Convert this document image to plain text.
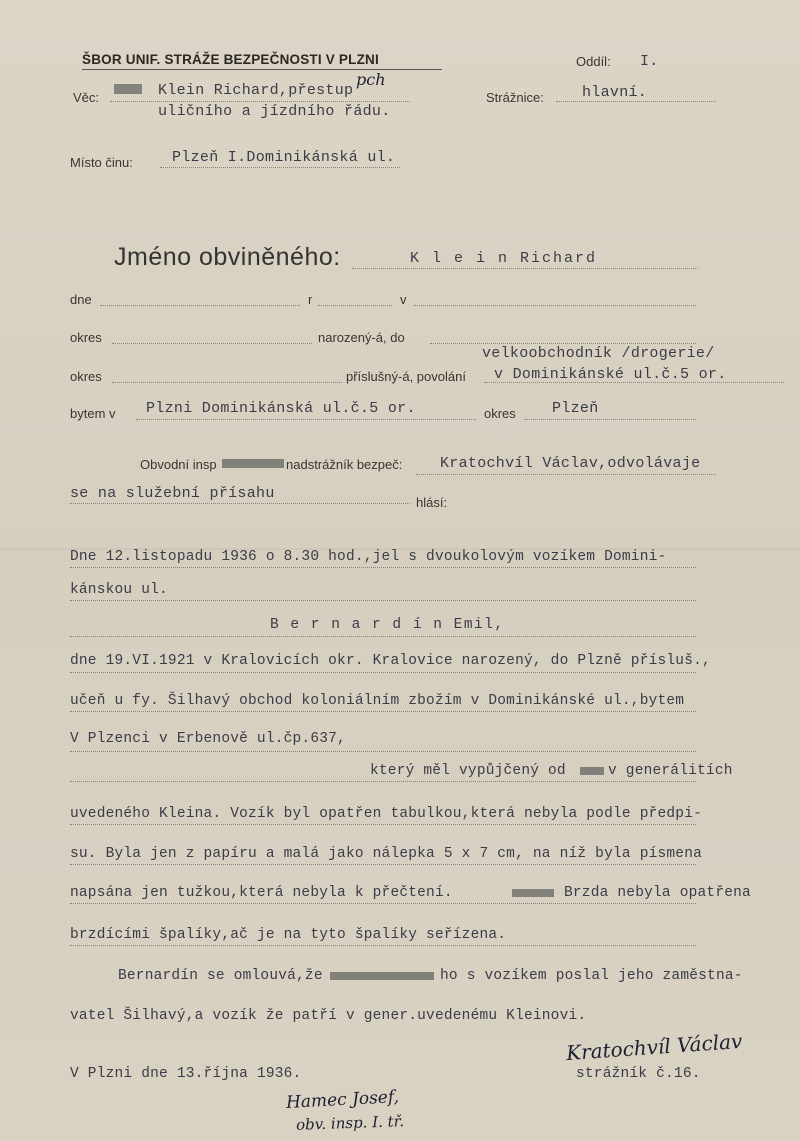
ŠBOR UNIF. STRÁŽE BEZPEČNOSTI V PLZNI	Oddíl: I.
Věc:	Klein Richard,přestup
pch
uličního a jízdního řádu.
Strážnice:	hlavní.
Místo činu:	Plzeň I.Dominikánská ul.
Jméno obviněného:	K l e i n Richard
dne	r	v
okres	narozený-á, do
velkoobchodník /drogerie/
okres	příslušný-á, povolání v Dominikánské ul.č.5 or.
bytem v Plzni Dominikánská ul.č.5 or.	okres Plzeň
Obvodní insp	nadstrážník bezpeč:	Kratochvíl Václav,odvolávaje
se na služební přísahu
hlásí:
Dne 12.listopadu 1936 o 8.30 hod.,jel s dvoukolovým vozíkem Domini-
kánskou ul.
B e r n a r d í n Emil,
dne 19.VI.1921 v Kralovicích okr. Kralovice narozený, do Plzně přísluš.,
učeň u fy. Šilhavý obchod koloniálním zbožím v Dominikánské ul.,bytem
V Plzenci v Erbenově ul.čp.637,
který měl vypůjčený od	v generálitích
uvedeného Kleina. Vozík byl opatřen tabulkou,která nebyla podle předpi-
su. Byla jen z papíru a malá jako nálepka 5 x 7 cm, na níž byla písmena
napsána jen tužkou,která nebyla k přečtení.	Brzda nebyla opatřena
brzdícími špalíky,ač je na tyto špalíky seřízena.
Bernardín se omlouvá,že	ho s vozíkem poslal jeho zaměstna-
vatel Šilhavý,a vozík že patří v gener.uvedenému Kleinovi.
V Plzni dne 13.října 1936.	strážník č.16.
Kratochvíl Václav
Hamec Josef,
obv. insp. I. tř.
